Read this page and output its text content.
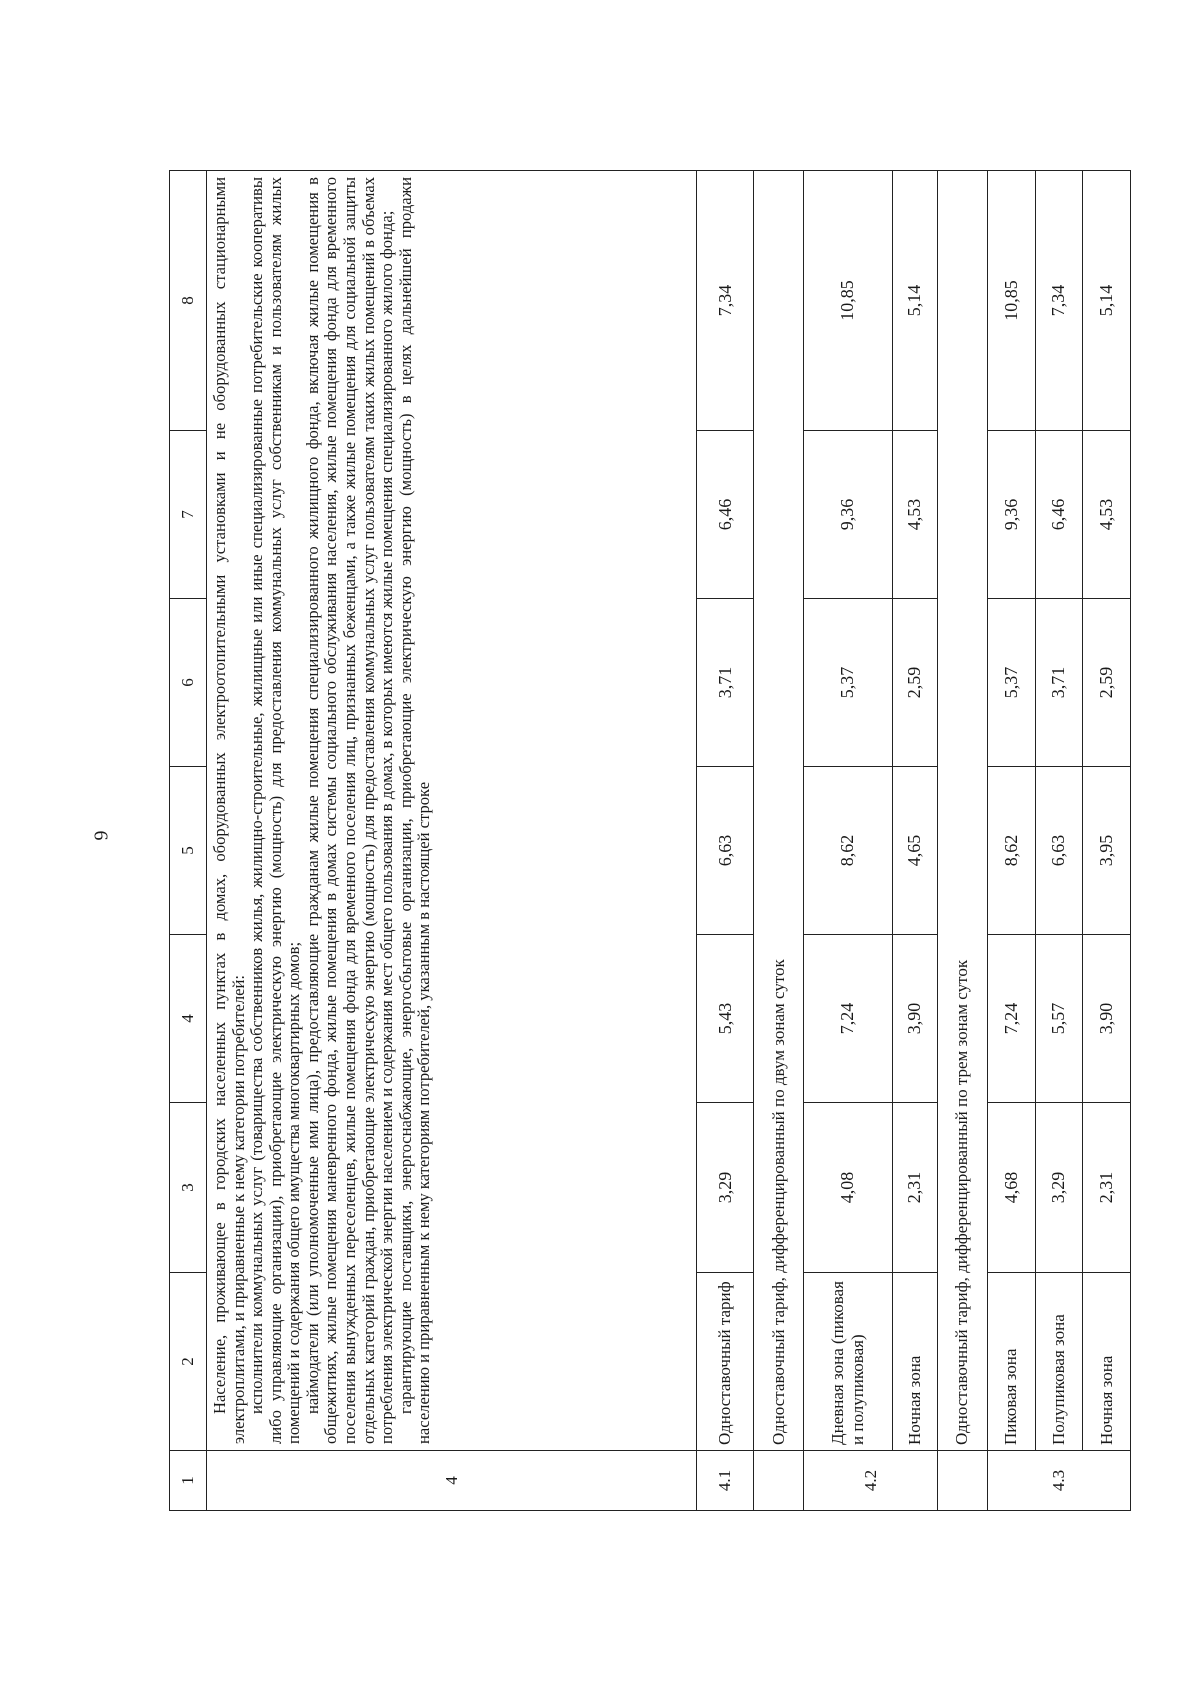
6
1	2	3	4	5	6	7	8
4	Население, проживающее в городских населенных пунктах в домах, оборудованных электроотопительными установками и не оборудованных стационарными электроплитами, и приравненные к нему категории потребителей: исполнители коммунальных услуг (товарищества собственников жилья, жилищно-строительные, жилищные или иные специализированные потребительские кооперативы либо управляющие организации), приобретающие электрическую энергию (мощность) для предоставления коммунальных услуг собственникам и пользователям жилых помещений и содержания общего имущества многоквартирных домов; наймодатели (или уполномоченные ими лица), предоставляющие гражданам жилые помещения специализированного жилищного фонда, включая жилые помещения в общежитиях, жилые помещения маневренного фонда, жилые помещения в домах системы социального обслуживания населения, жилые помещения фонда для временного поселения вынужденных переселенцев, жилые помещения фонда для временного поселения лиц, признанных беженцами, а также жилые помещения для социальной защиты отдельных категорий граждан, приобретающие электрическую энергию (мощность) для предоставления коммунальных услуг пользователям таких жилых помещений в объемах потребления электрической энергии населением и содержания мест общего пользования в домах, в которых имеются жилые помещения специализированного жилого фонда; гарантирующие поставщики, энергоснабжающие, энергосбытовые организации, приобретающие электрическую энергию (мощность) в целях дальнейшей продажи населению и приравненным к нему категориям потребителей, указанным в настоящей строке						

4.1	Одноставочный тариф	3,29	5,43	6,63	3,71	6,46	7,34
	Одноставочный тариф, дифференцированный по двум зонам суток						
4.2	Дневная зона (пиковая и полупиковая)	4,08	7,24	8,62	5,37	9,36	10,85
	Ночная зона	2,31	3,90	4,65	2,59	4,53	5,14
	Одноставочный тариф, дифференцированный по трем зонам суток						
4.3	Пиковая зона	4,68	7,24	8,62	5,37	9,36	10,85
	Полупиковая зона	3,29	5,57	6,63	3,71	6,46	7,34
	Ночная зона	2,31	3,90	3,95	2,59	4,53	5,14
